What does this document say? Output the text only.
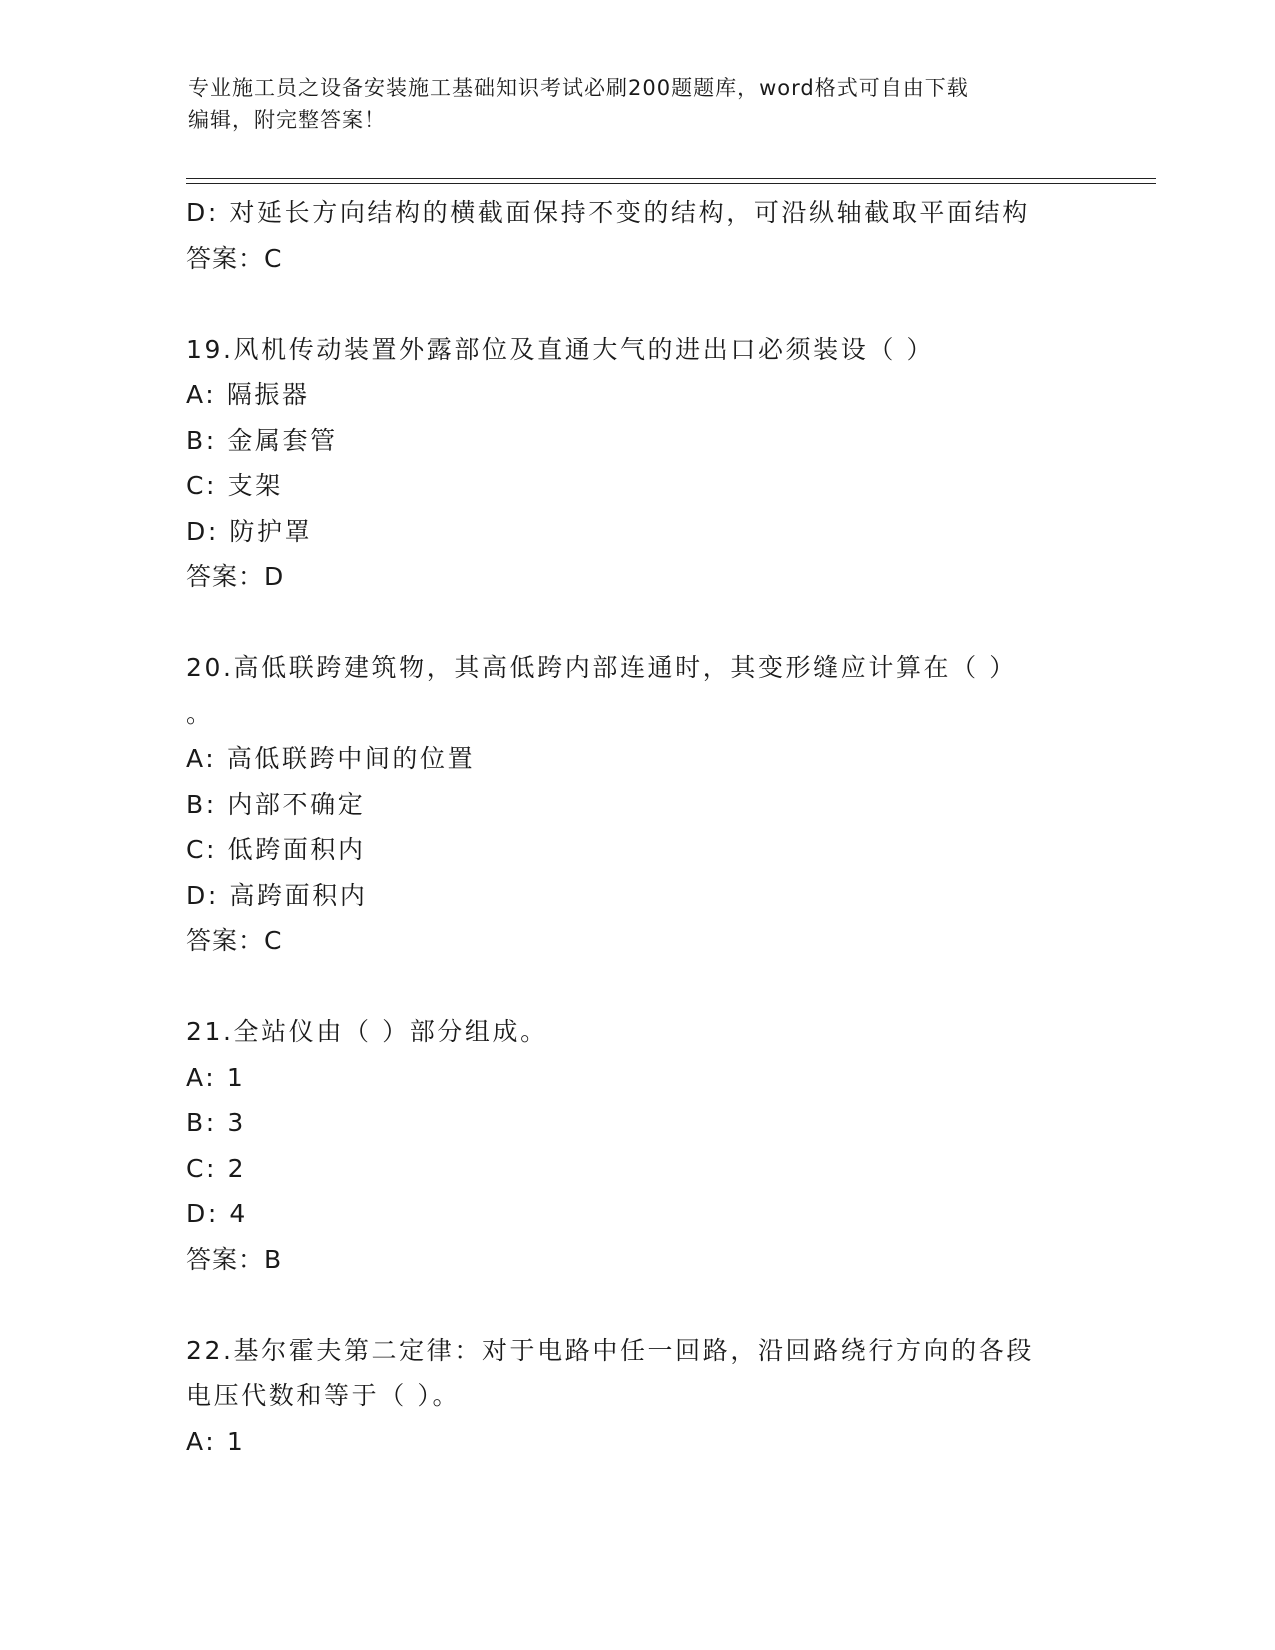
专业施工员之设备安装施工基础知识考试必刷200题题库，word格式可自由下载
编辑，附完整答案！
D: 对延长方向结构的横截面保持不变的结构，可沿纵轴截取平面结构
答案：C
19.风机传动装置外露部位及直通大气的进出口必须装设（ ）
A: 隔振器
B: 金属套管
C: 支架
D: 防护罩
答案：D
20.高低联跨建筑物，其高低跨内部连通时，其变形缝应计算在（ ）
。
A: 高低联跨中间的位置
B: 内部不确定
C: 低跨面积内
D: 高跨面积内
答案：C
21.全站仪由（ ）部分组成。
A: 1
B: 3
C: 2
D: 4
答案：B
22.基尔霍夫第二定律：对于电路中任一回路，沿回路绕行方向的各段
电压代数和等于（ ）。
A: 1
